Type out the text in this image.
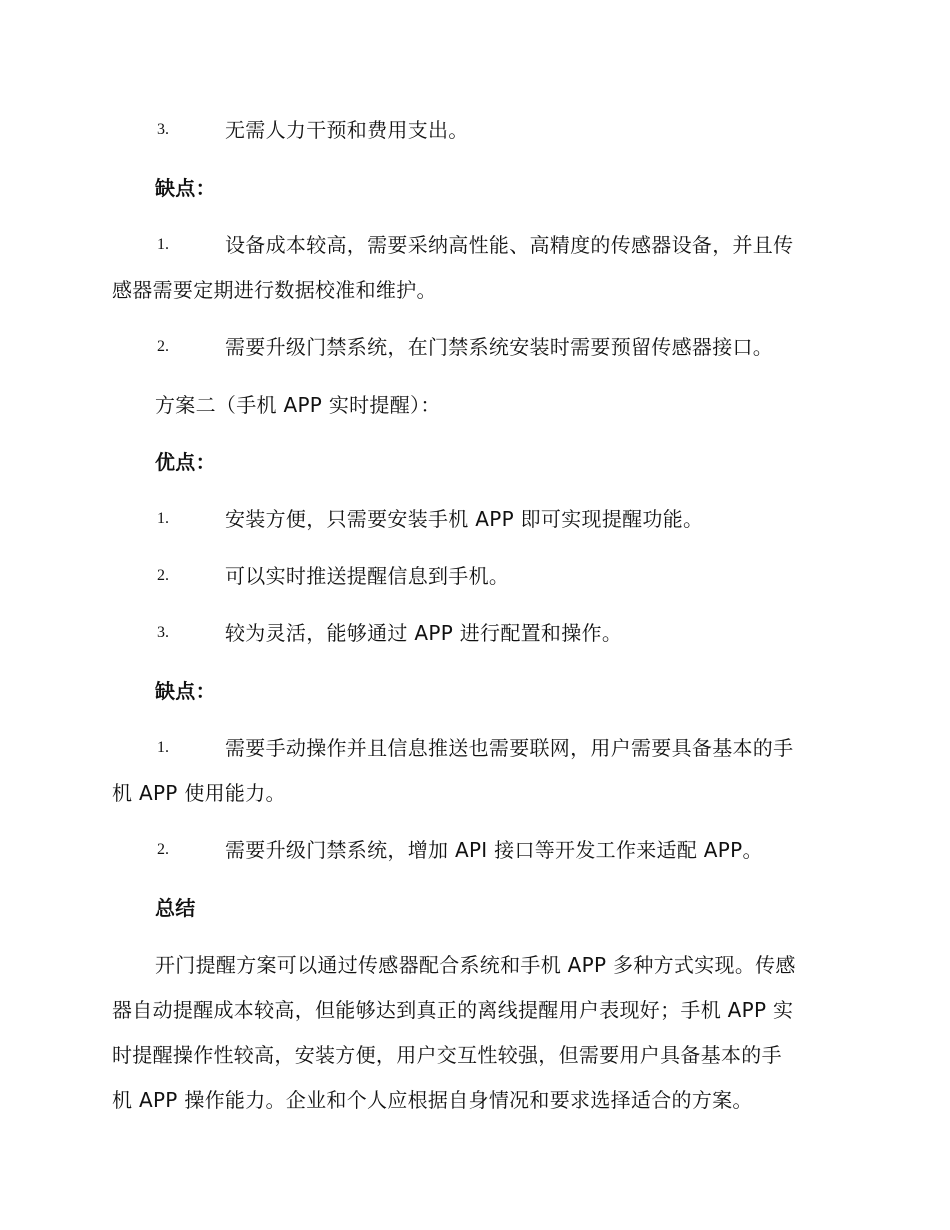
3.	无需人力干预和费用支出。
缺点：
1.	设备成本较高，需要采纳高性能、高精度的传感器设备，并且传
感器需要定期进行数据校准和维护。
2.	需要升级门禁系统，在门禁系统安装时需要预留传感器接口。
方案二（手机 APP 实时提醒）：
优点：
1.	安装方便，只需要安装手机 APP 即可实现提醒功能。
2.	可以实时推送提醒信息到手机。
3.	较为灵活，能够通过 APP 进行配置和操作。
缺点：
1.	需要手动操作并且信息推送也需要联网，用户需要具备基本的手
机 APP 使用能力。
2.	需要升级门禁系统，增加 API 接口等开发工作来适配 APP。
总结
开门提醒方案可以通过传感器配合系统和手机 APP 多种方式实现。传感
器自动提醒成本较高，但能够达到真正的离线提醒用户表现好；手机 APP 实
时提醒操作性较高，安装方便，用户交互性较强，但需要用户具备基本的手
机 APP 操作能力。企业和个人应根据自身情况和要求选择适合的方案。
